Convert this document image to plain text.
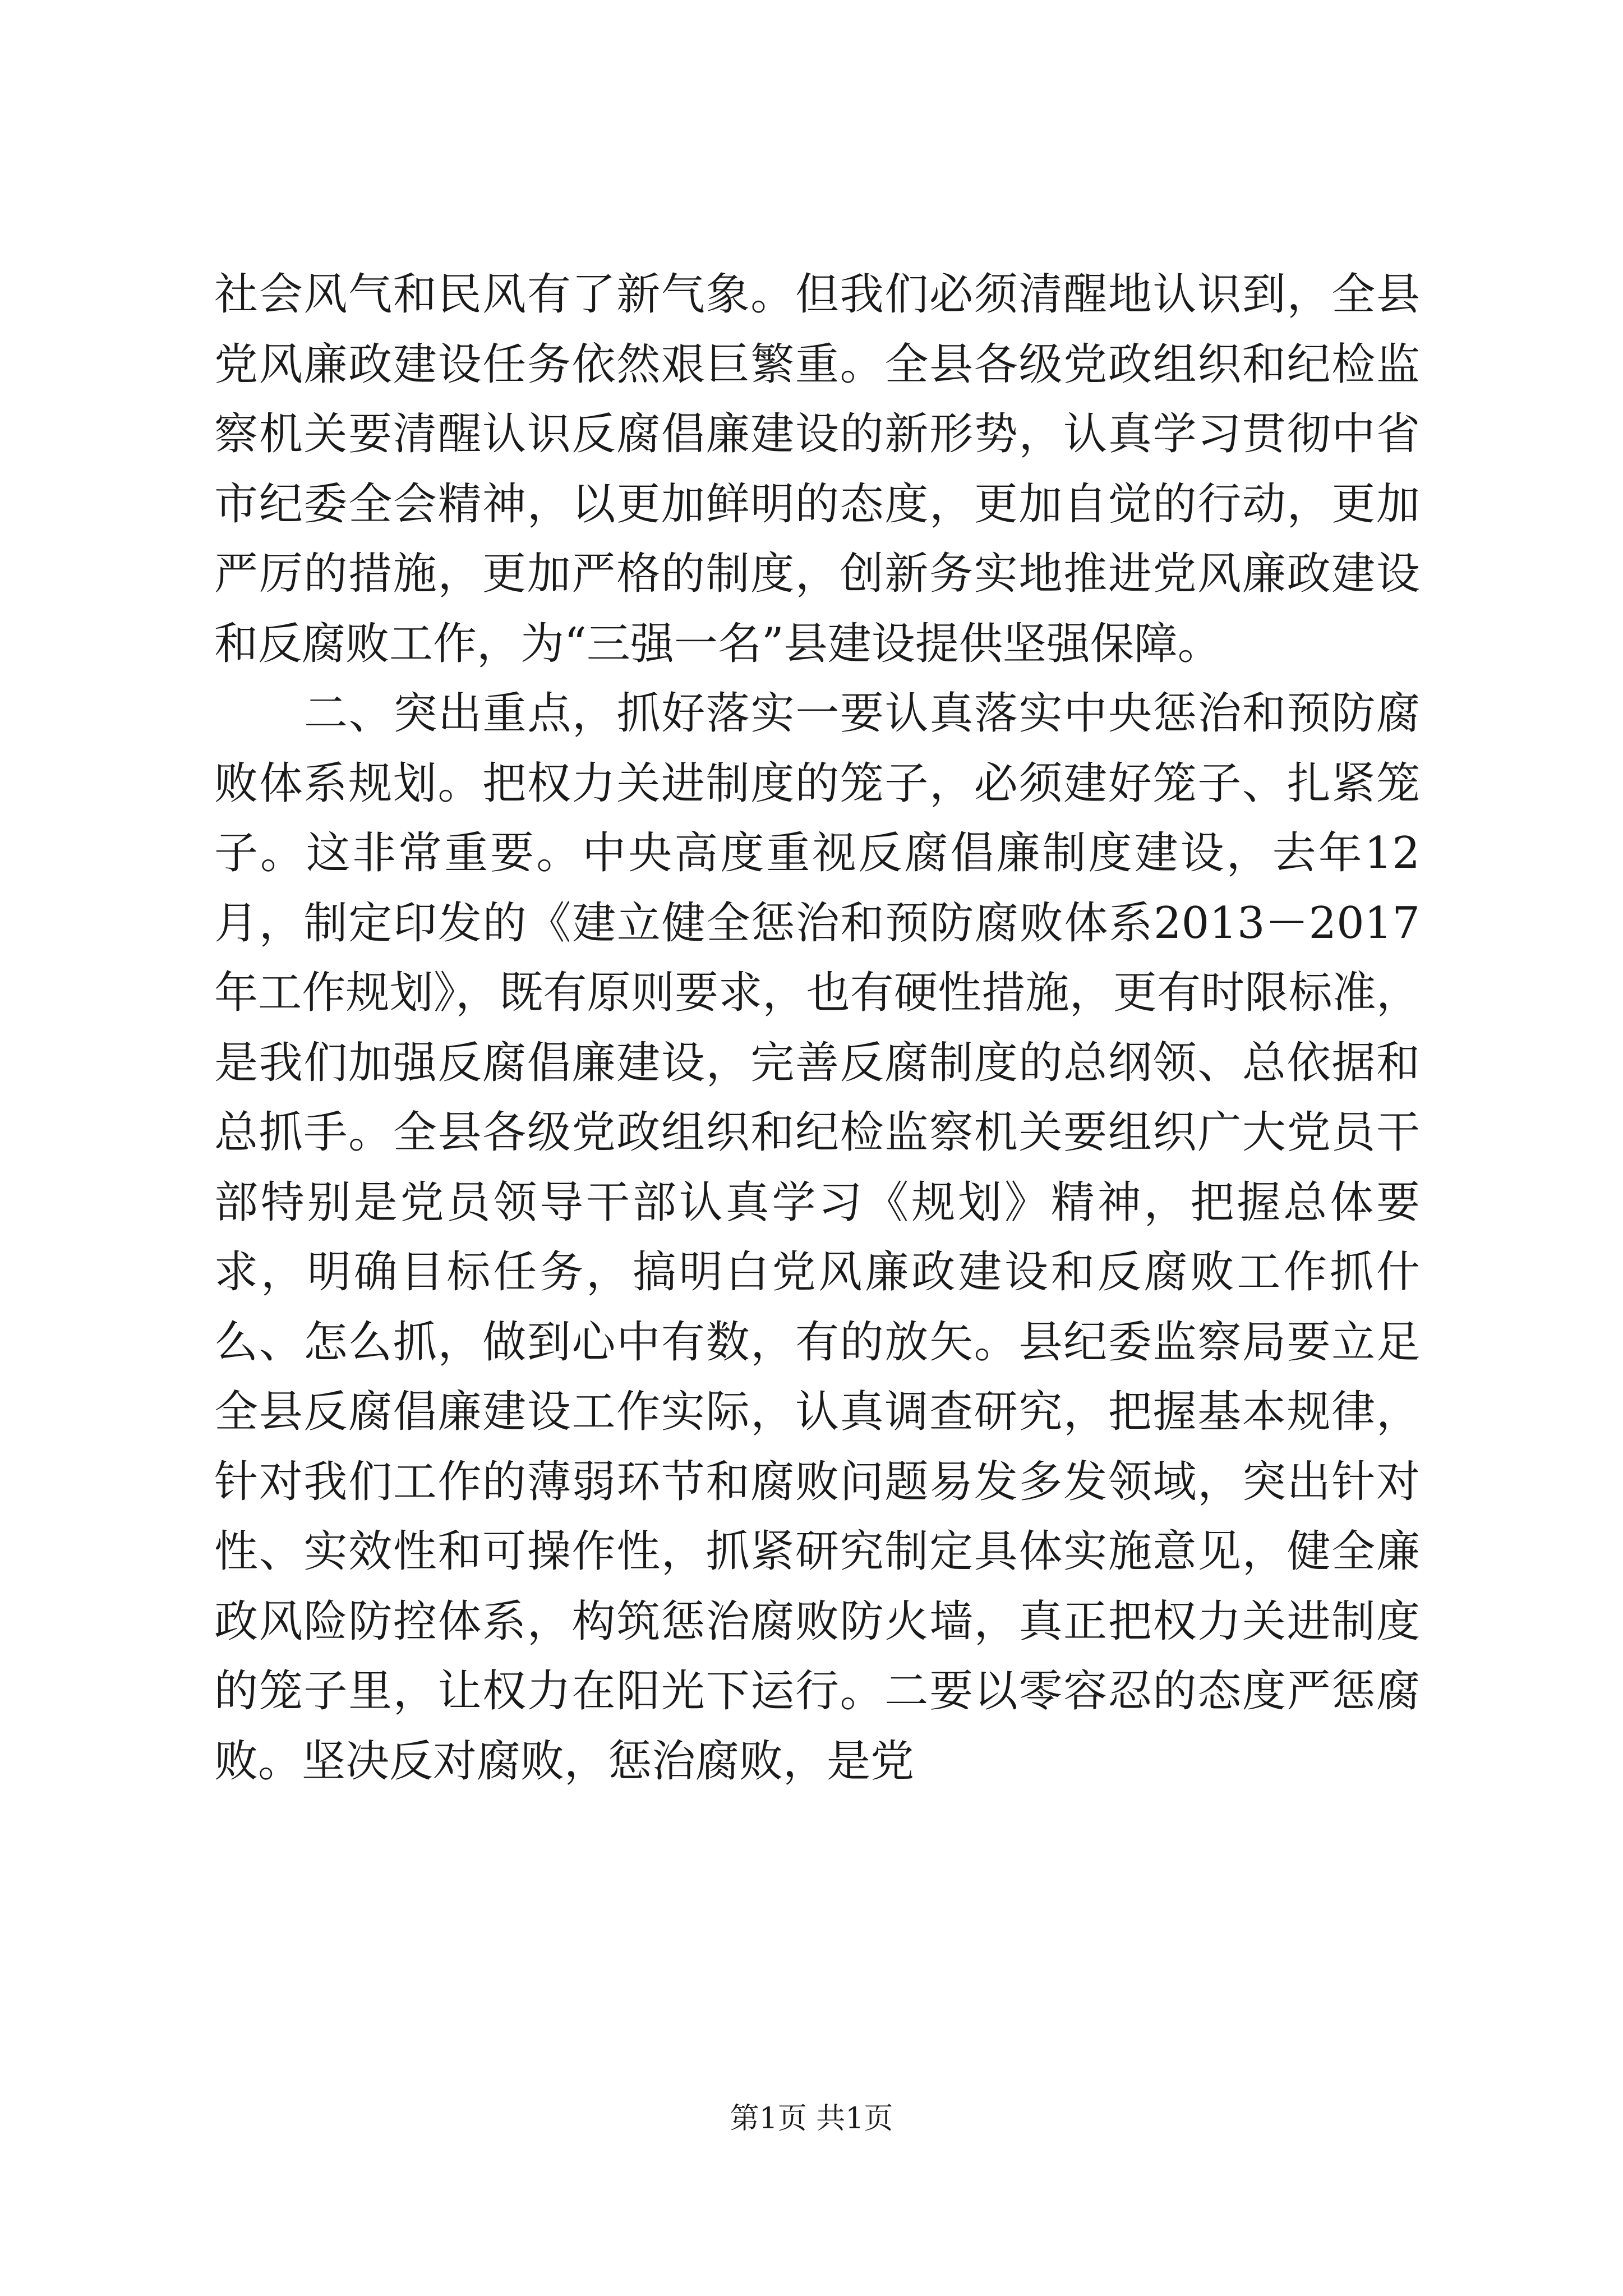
社会风气和民风有了新气象。但我们必须清醒地认识到，全县党风廉政建设任务依然艰巨繁重。全县各级党政组织和纪检监察机关要清醒认识反腐倡廉建设的新形势，认真学习贯彻中省市纪委全会精神，以更加鲜明的态度，更加自觉的行动，更加严厉的措施，更加严格的制度，创新务实地推进党风廉政建设和反腐败工作，为“三强一名”县建设提供坚强保障。

二、突出重点，抓好落实一要认真落实中央惩治和预防腐败体系规划。把权力关进制度的笼子，必须建好笼子、扎紧笼子。这非常重要。中央高度重视反腐倡廉制度建设，去年12月，制定印发的《建立健全惩治和预防腐败体系2013－2017年工作规划》，既有原则要求，也有硬性措施，更有时限标准，是我们加强反腐倡廉建设，完善反腐制度的总纲领、总依据和总抓手。全县各级党政组织和纪检监察机关要组织广大党员干部特别是党员领导干部认真学习《规划》精神，把握总体要求，明确目标任务，搞明白党风廉政建设和反腐败工作抓什么、怎么抓，做到心中有数，有的放矢。县纪委监察局要立足全县反腐倡廉建设工作实际，认真调查研究，把握基本规律，针对我们工作的薄弱环节和腐败问题易发多发领域，突出针对性、实效性和可操作性，抓紧研究制定具体实施意见，健全廉政风险防控体系，构筑惩治腐败防火墙，真正把权力关进制度的笼子里，让权力在阳光下运行。二要以零容忍的态度严惩腐败。坚决反对腐败，惩治腐败，是党

第1页 共1页
